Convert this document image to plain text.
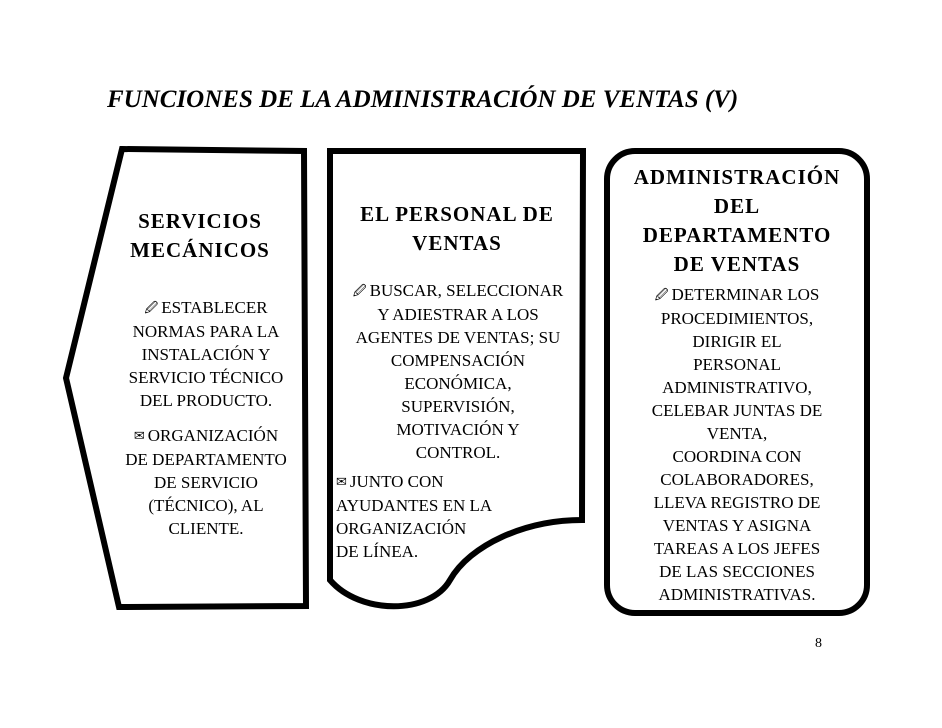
FUNCIONES DE LA ADMINISTRACIÓN DE VENTAS (V)
SERVICIOS
MECÁNICOS
🖉︎ ESTABLECER
NORMAS PARA LA
INSTALACIÓN Y
SERVICIO TÉCNICO
DEL PRODUCTO.
✉︎ ORGANIZACIÓN
DE DEPARTAMENTO
DE SERVICIO
(TÉCNICO), AL
CLIENTE.
EL PERSONAL DE
VENTAS
🖉︎ BUSCAR, SELECCIONAR
Y ADIESTRAR A LOS
AGENTES DE VENTAS; SU
COMPENSACIÓN
ECONÓMICA,
SUPERVISIÓN,
MOTIVACIÓN Y
CONTROL.
✉︎ JUNTO CON
AYUDANTES EN LA
ORGANIZACIÓN
DE LÍNEA.
ADMINISTRACIÓN
DEL
DEPARTAMENTO
DE VENTAS
🖉︎ DETERMINAR LOS
PROCEDIMIENTOS,
DIRIGIR EL
PERSONAL
ADMINISTRATIVO,
CELEBAR JUNTAS DE
VENTA,
COORDINA CON
COLABORADORES,
LLEVA REGISTRO DE
VENTAS Y ASIGNA
TAREAS A LOS JEFES
DE LAS SECCIONES
ADMINISTRATIVAS.
8
